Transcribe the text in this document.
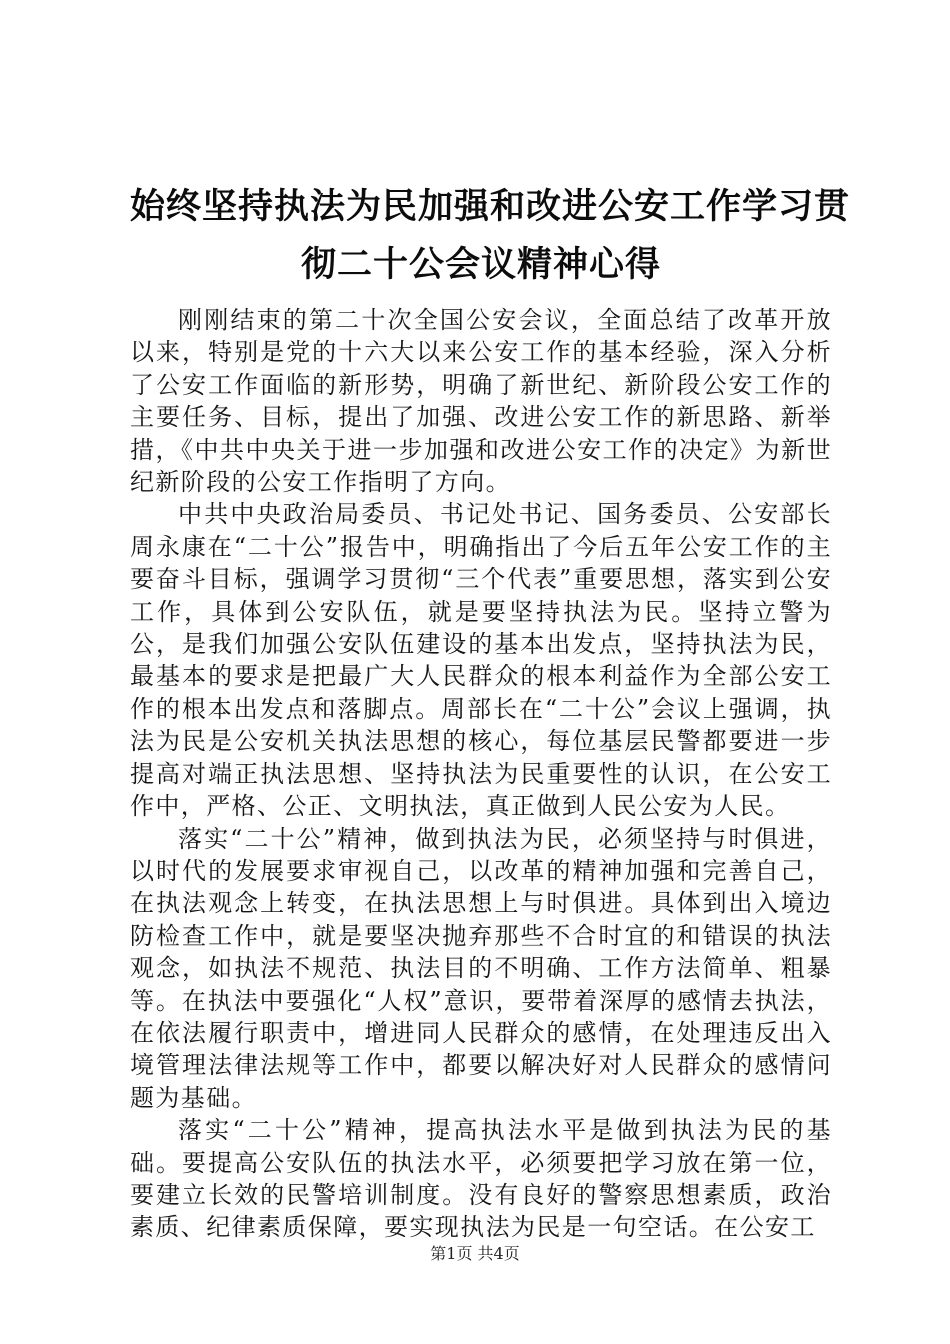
始终坚持执法为民加强和改进公安工作学习贯
彻二十公会议精神心得

刚刚结束的第二十次全国公安会议，全面总结了改革开放以来，特别是党的十六大以来公安工作的基本经验，深入分析了公安工作面临的新形势，明确了新世纪、新阶段公安工作的主要任务、目标，提出了加强、改进公安工作的新思路、新举措，《中共中央关于进一步加强和改进公安工作的决定》为新世纪新阶段的公安工作指明了方向。

中共中央政治局委员、书记处书记、国务委员、公安部长周永康在“二十公”报告中，明确指出了今后五年公安工作的主要奋斗目标，强调学习贯彻“三个代表”重要思想，落实到公安工作，具体到公安队伍，就是要坚持执法为民。坚持立警为公，是我们加强公安队伍建设的基本出发点，坚持执法为民，最基本的要求是把最广大人民群众的根本利益作为全部公安工作的根本出发点和落脚点。周部长在“二十公”会议上强调，执法为民是公安机关执法思想的核心，每位基层民警都要进一步提高对端正执法思想、坚持执法为民重要性的认识，在公安工作中，严格、公正、文明执法，真正做到人民公安为人民。

落实“二十公”精神，做到执法为民，必须坚持与时俱进，以时代的发展要求审视自己，以改革的精神加强和完善自己，在执法观念上转变，在执法思想上与时俱进。具体到出入境边防检查工作中，就是要坚决抛弃那些不合时宜的和错误的执法观念，如执法不规范、执法目的不明确、工作方法简单、粗暴等。在执法中要强化“人权”意识，要带着深厚的感情去执法，在依法履行职责中，增进同人民群众的感情，在处理违反出入境管理法律法规等工作中，都要以解决好对人民群众的感情问题为基础。

落实“二十公”精神，提高执法水平是做到执法为民的基础。要提高公安队伍的执法水平，必须要把学习放在第一位，要建立长效的民警培训制度。没有良好的警察思想素质，政治素质、纪律素质保障，要实现执法为民是一句空话。在公安工

第1页 共4页
